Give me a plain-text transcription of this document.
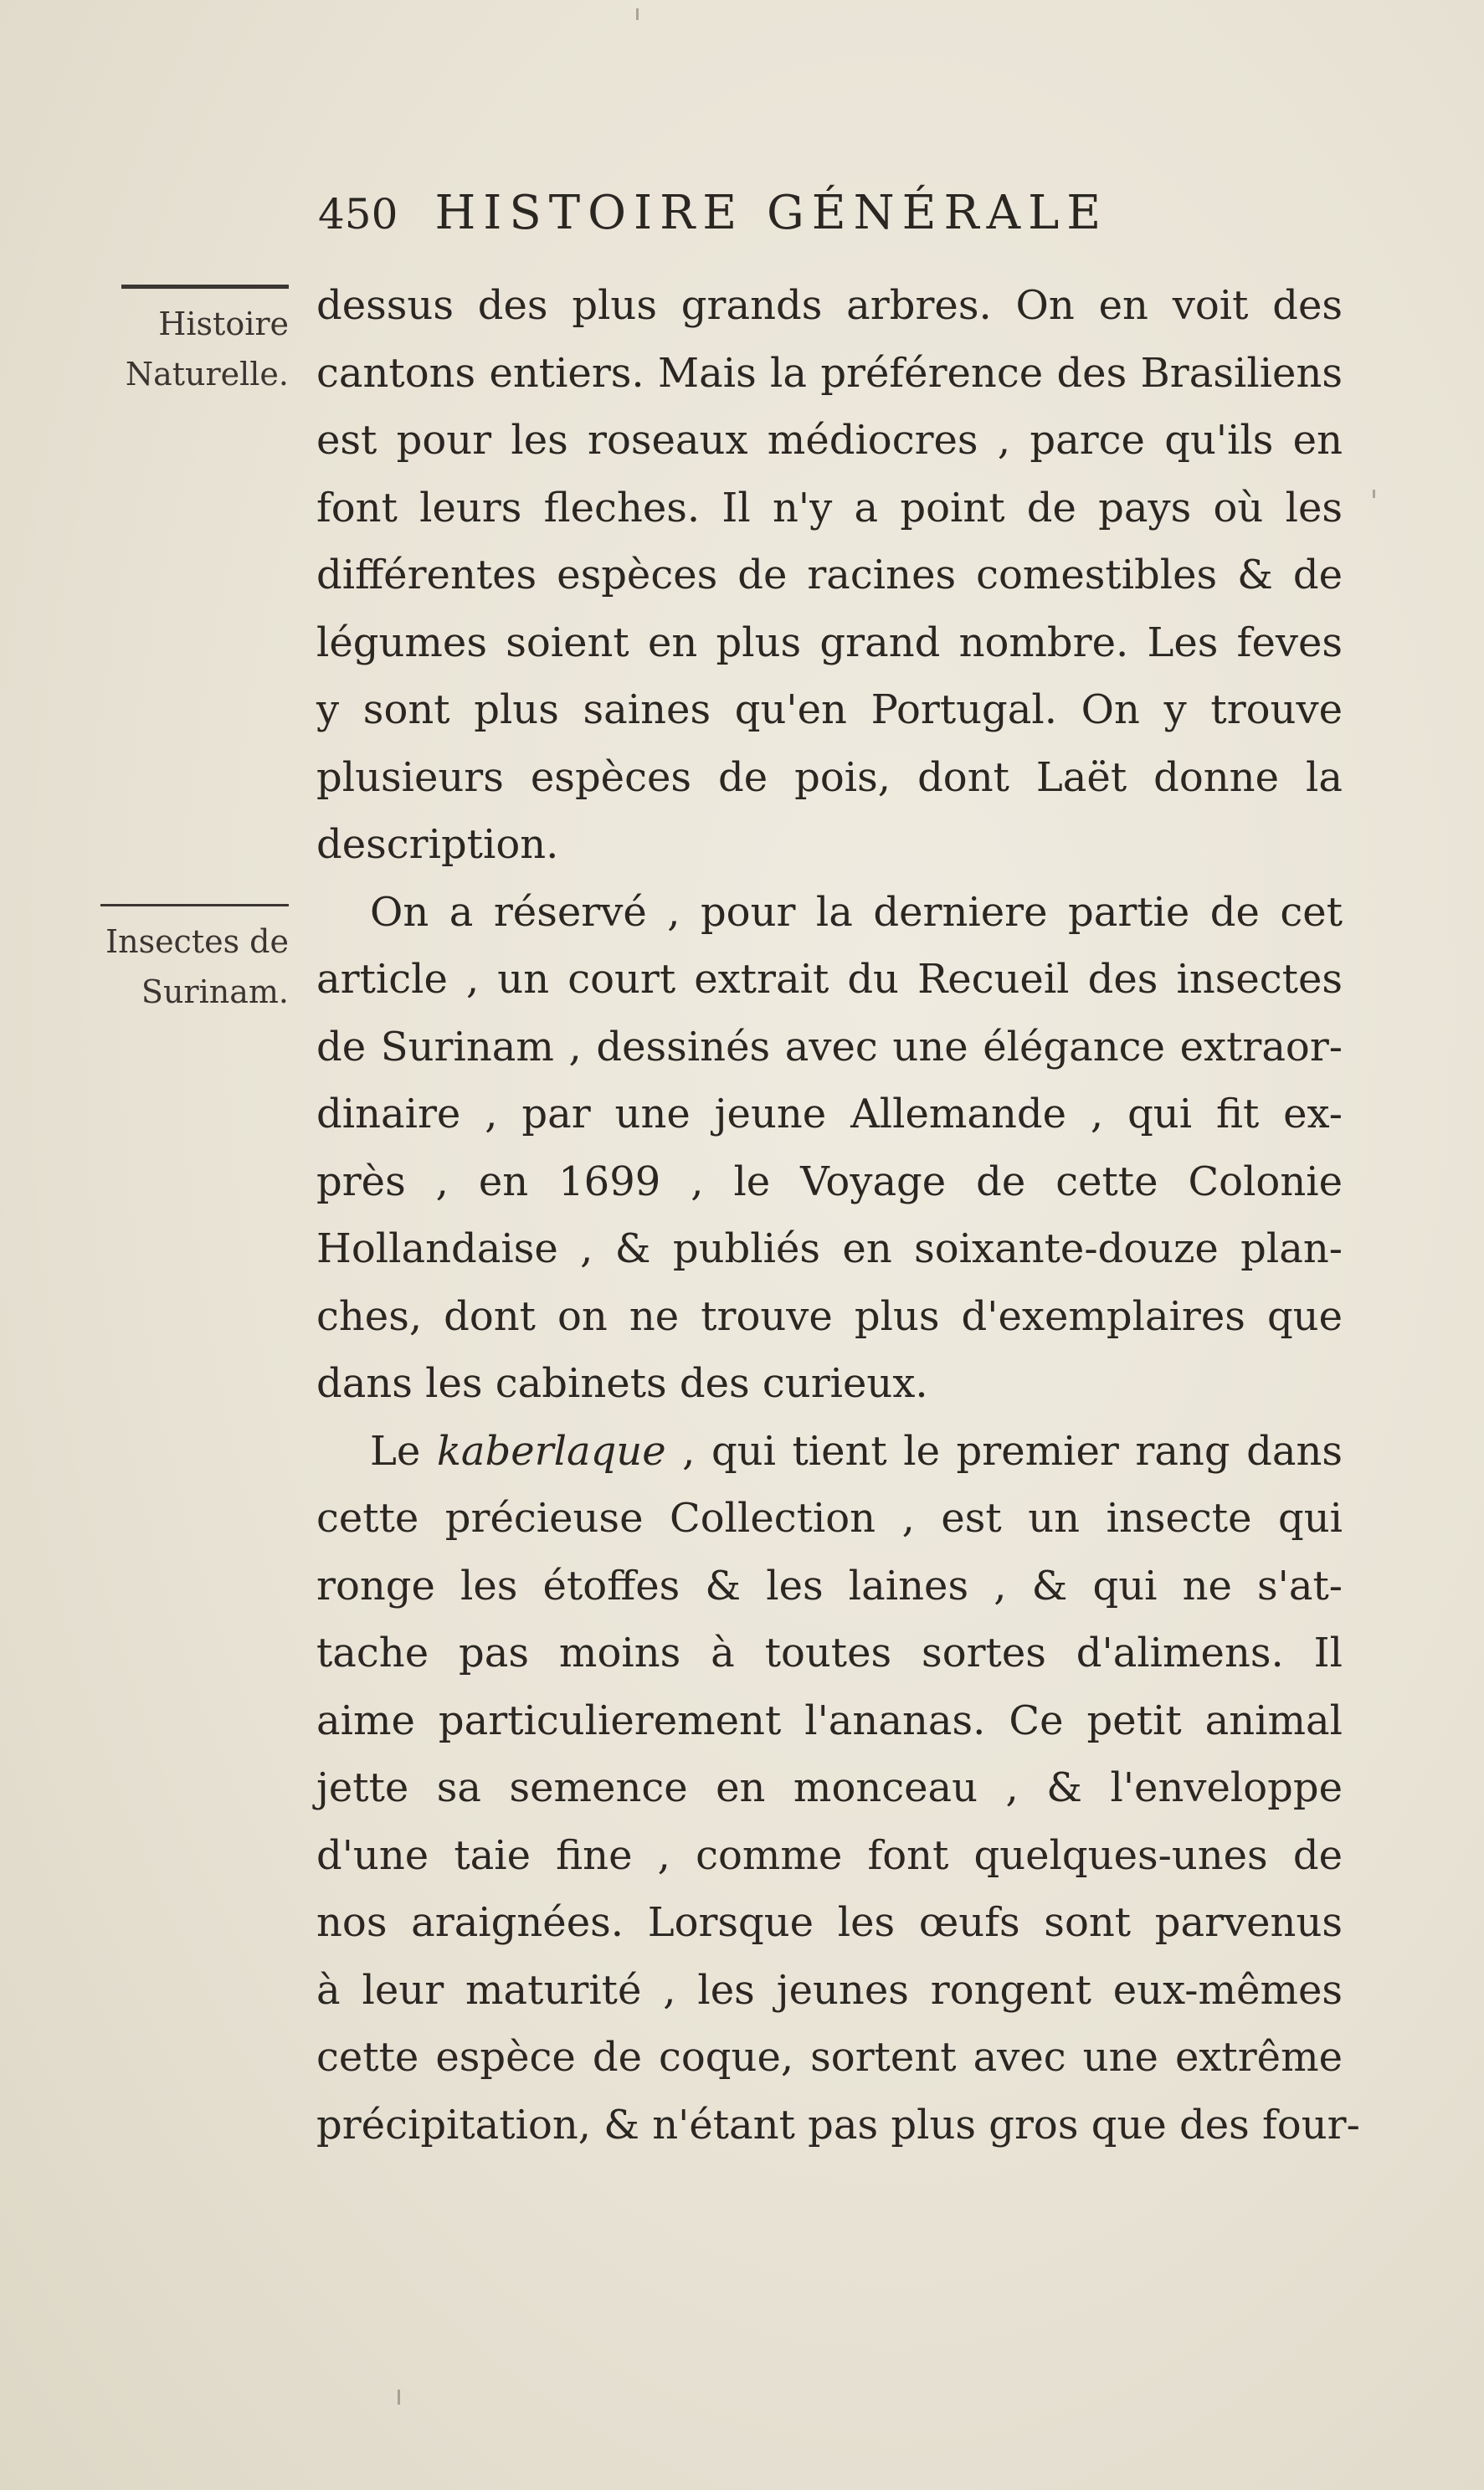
450 HISTOIRE GÉNÉRALE
Histoire
Naturelle.
Insectes de
Surinam.
dessus des plus grands arbres. On en voit des
cantons entiers. Mais la préférence des Brasiliens
est pour les roseaux médiocres , parce qu'ils en
font leurs fleches. Il n'y a point de pays où les
différentes espèces de racines comestibles & de
légumes soient en plus grand nombre. Les feves
y sont plus saines qu'en Portugal. On y trouve
plusieurs espèces de pois, dont Laët donne la
description.
On a réservé , pour la derniere partie de cet
article , un court extrait du Recueil des insectes
de Surinam , dessinés avec une élégance extraor-
dinaire , par une jeune Allemande , qui fit ex-
près , en 1699 , le Voyage de cette Colonie
Hollandaise , & publiés en soixante-douze plan-
ches, dont on ne trouve plus d'exemplaires que
dans les cabinets des curieux.
Le kaberlaque , qui tient le premier rang dans
cette précieuse Collection , est un insecte qui
ronge les étoffes & les laines , & qui ne s'at-
tache pas moins à toutes sortes d'alimens. Il
aime particulierement l'ananas. Ce petit animal
jette sa semence en monceau , & l'enveloppe
d'une taie fine , comme font quelques-unes de
nos araignées. Lorsque les œufs sont parvenus
à leur maturité , les jeunes rongent eux-mêmes
cette espèce de coque, sortent avec une extrême
précipitation, & n'étant pas plus gros que des four-
